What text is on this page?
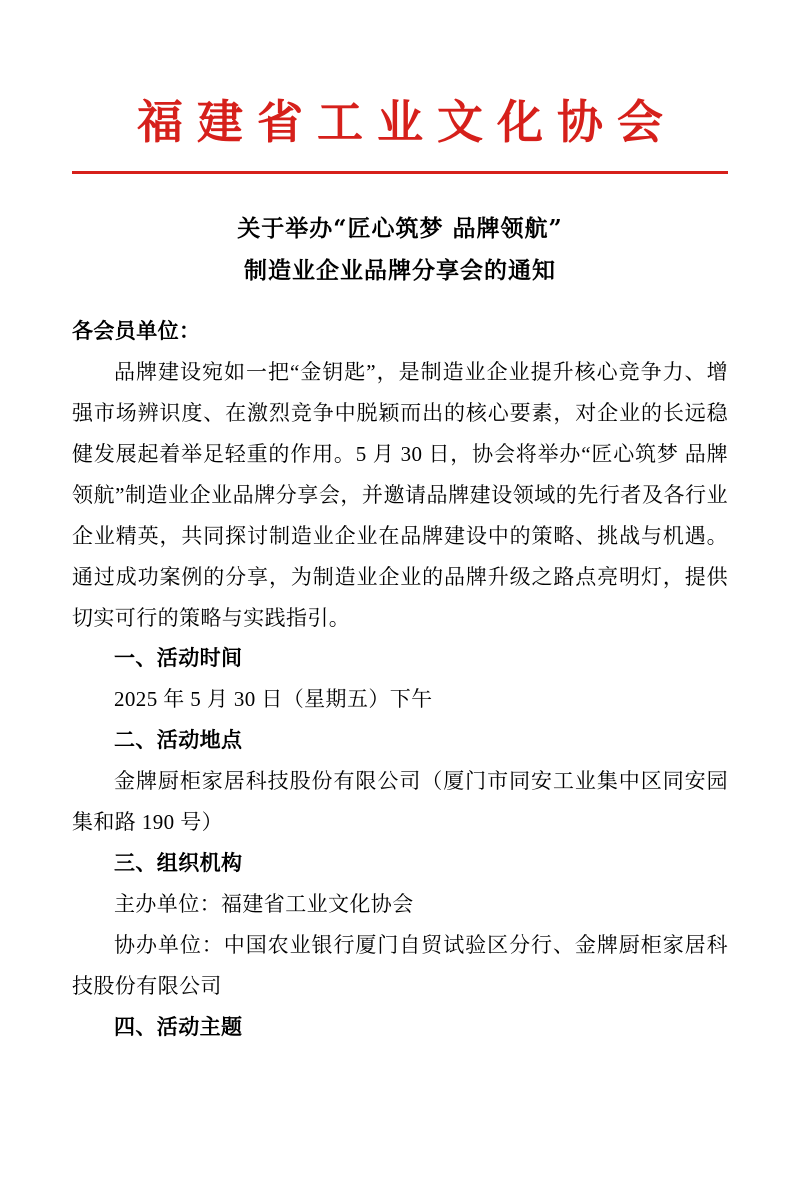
福建省工业文化协会
关于举办“匠心筑梦 品牌领航”
制造业企业品牌分享会的通知
各会员单位：
品牌建设宛如一把“金钥匙”，是制造业企业提升核心竞争力、增强市场辨识度、在激烈竞争中脱颖而出的核心要素，对企业的长远稳健发展起着举足轻重的作用。5 月 30 日，协会将举办“匠心筑梦 品牌领航”制造业企业品牌分享会，并邀请品牌建设领域的先行者及各行业企业精英，共同探讨制造业企业在品牌建设中的策略、挑战与机遇。通过成功案例的分享，为制造业企业的品牌升级之路点亮明灯，提供切实可行的策略与实践指引。
一、活动时间
2025 年 5 月 30 日（星期五）下午
二、活动地点
金牌厨柜家居科技股份有限公司（厦门市同安工业集中区同安园集和路 190 号）
三、组织机构
主办单位：福建省工业文化协会
协办单位：中国农业银行厦门自贸试验区分行、金牌厨柜家居科技股份有限公司
四、活动主题
